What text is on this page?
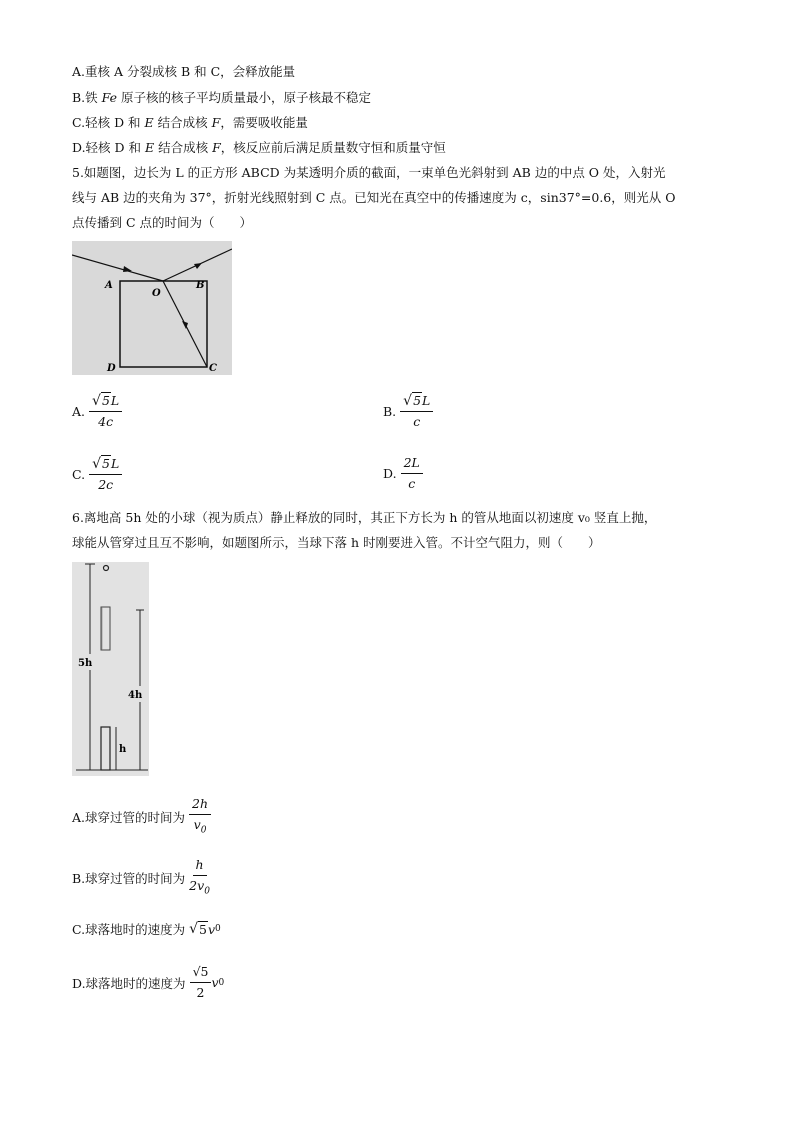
A.重核 A 分裂成核 B 和 C，会释放能量
B.铁 Fe 原子核的核子平均质量最小，原子核最不稳定
C.轻核 D 和 E 结合成核 F，需要吸收能量
D.轻核 D 和 E 结合成核 F，核反应前后满足质量数守恒和质量守恒
5.如题图，边长为 L 的正方形 ABCD 为某透明介质的截面，一束单色光斜射到 AB 边的中点 O 处，入射光
线与 AB 边的夹角为 37°，折射光线照射到 C 点。已知光在真空中的传播速度为 c，sin37°=0.6，则光从 O
点传播到 C 点的时间为（　　）
A	B
O
D	C
A. $\frac{√ 5 L}{4c}$	B. $\frac{√ 5 L}{c}$
C. $\frac{√ 5 L}{2c}$	D. $\frac{2L}{c}$
6.离地高 5h 处的小球（视为质点）静止释放的同时，其正下方长为 h 的管从地面以初速度 v₀ 竖直上抛，
球能从管穿过且互不影响，如题图所示，当球下落 h 时刚要进入管。不计空气阻力，则（　　）
5h
h
4h
A.球穿过管的时间为 $\frac{2h}{v_0}$
B.球穿过管的时间为 $\frac{h}{2v_0}$
C.球落地时的速度为 √ 5 v 0
D.球落地时的速度为 $\frac{√5}{2}$ v 0
